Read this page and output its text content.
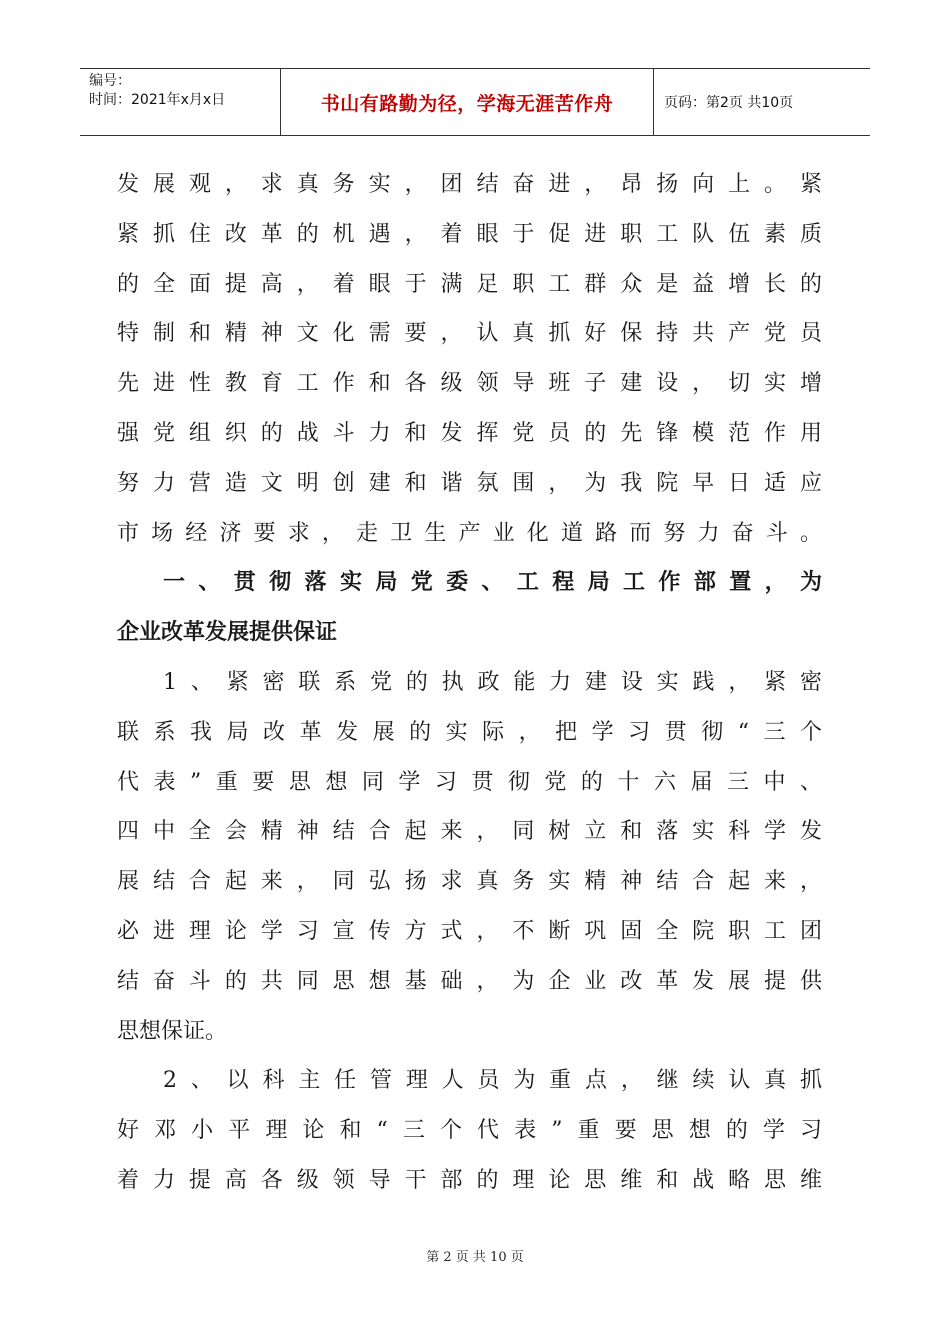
编号：
时间：2021年x月x日	书山有路勤为径，学海无涯苦作舟	页码：第2页 共10页
发展观，求真务实，团结奋进，昂扬向上。紧
紧抓住改革的机遇，着眼于促进职工队伍素质
的全面提高，着眼于满足职工群众是益增长的
特制和精神文化需要，认真抓好保持共产党员
先进性教育工作和各级领导班子建设，切实增
强党组织的战斗力和发挥党员的先锋模范作用
努力营造文明创建和谐氛围，为我院早日适应
市场经济要求，走卫生产业化道路而努力奋斗。
一、贯彻落实局党委、工程局工作部置，为
企业改革发展提供保证
1、紧密联系党的执政能力建设实践，紧密
联系我局改革发展的实际，把学习贯彻“三个
代表”重要思想同学习贯彻党的十六届三中、
四中全会精神结合起来，同树立和落实科学发
展结合起来，同弘扬求真务实精神结合起来，
必进理论学习宣传方式，不断巩固全院职工团
结奋斗的共同思想基础，为企业改革发展提供
思想保证。
2、以科主任管理人员为重点，继续认真抓
好邓小平理论和“三个代表”重要思想的学习
着力提高各级领导干部的理论思维和战略思维
第 2 页 共 10 页
